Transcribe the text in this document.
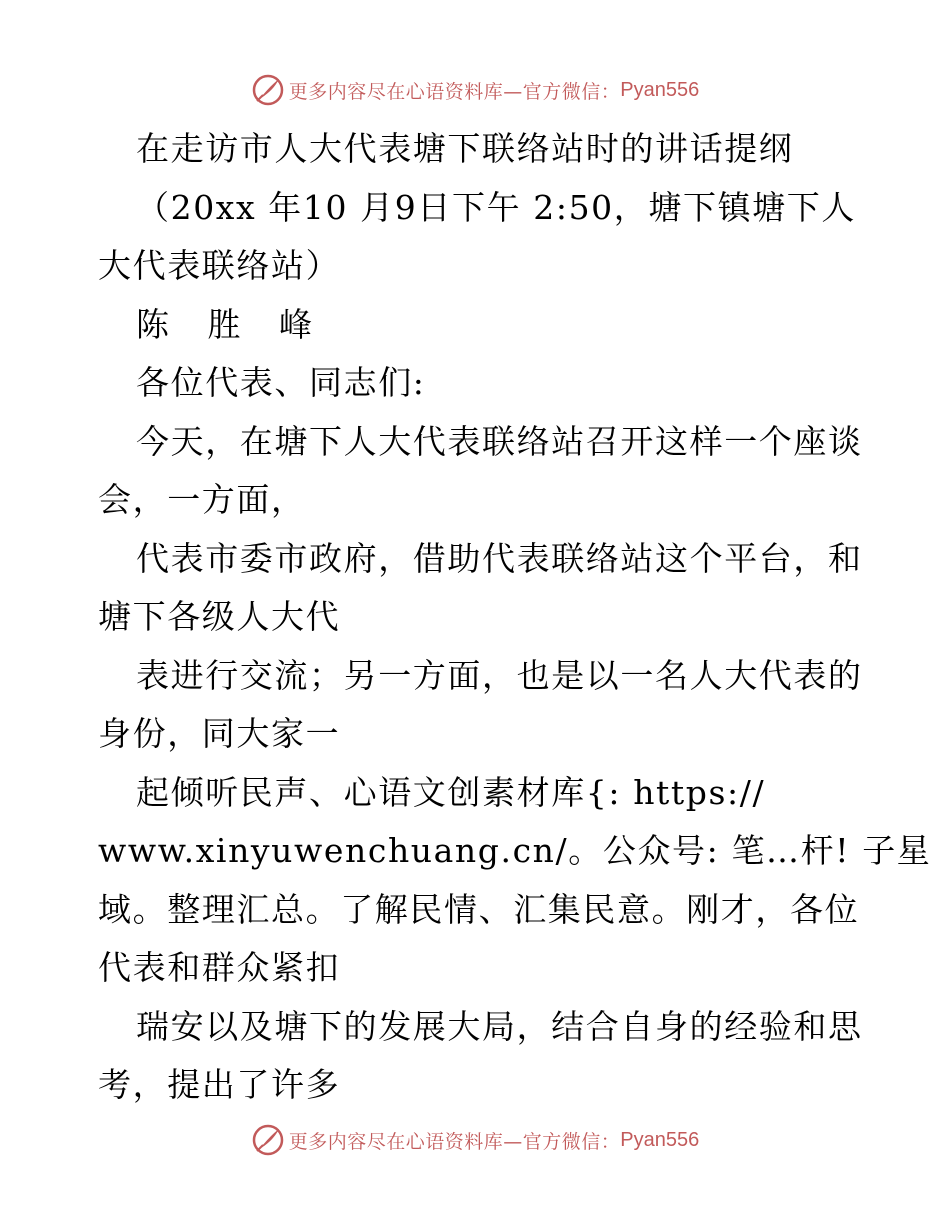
更多内容尽在心语资料库—官方微信： Pyan556
在走访市人大代表塘下联络站时的讲话提纲
（20xx 年10 月9日下午 2:50，塘下镇塘下人
大代表联络站）
陈 胜 峰
各位代表、同志们:
今天，在塘下人大代表联络站召开这样一个座谈
会，一方面，
代表市委市政府，借助代表联络站这个平台，和
塘下各级人大代
表进行交流；另一方面，也是以一名人大代表的
身份，同大家一
起倾听民声、心语文创素材库{: https://
www.xinyuwenchuang.cn/。公众号: 笔…杆! 子星
域。整理汇总。了解民情、汇集民意。刚才，各位
代表和群众紧扣
瑞安以及塘下的发展大局，结合自身的经验和思
考，提出了许多
更多内容尽在心语资料库—官方微信： Pyan556
